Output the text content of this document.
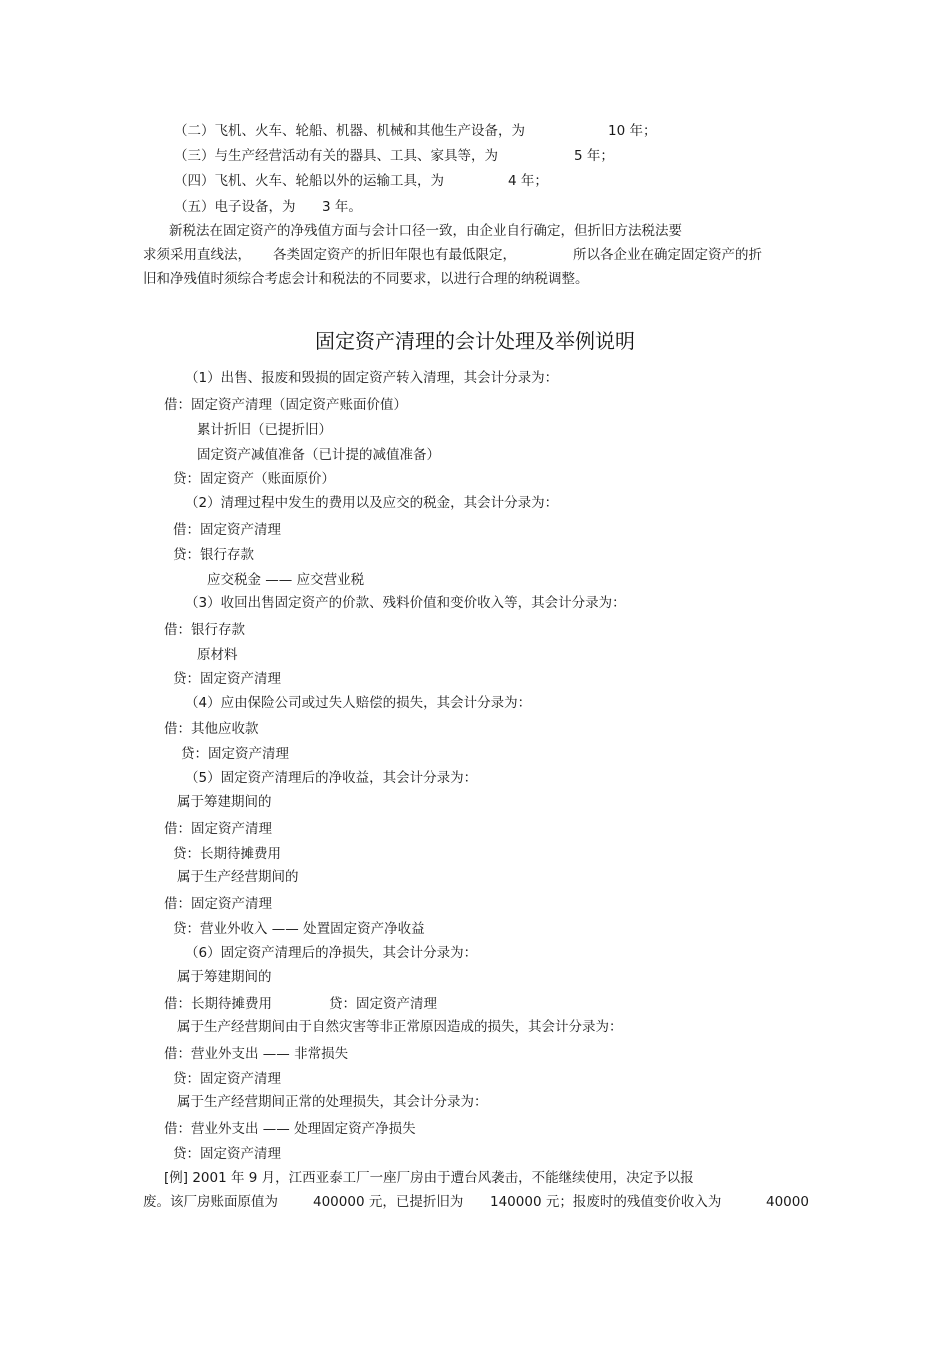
（二）飞机、火车、轮船、机器、机械和其他生产设备，为	10 年；
（三）与生产经营活动有关的器具、工具、家具等，为	5 年；
（四）飞机、火车、轮船以外的运输工具，为	4 年；
（五）电子设备，为 3 年。
新税法在固定资产的净残值方面与会计口径一致，由企业自行确定，但折旧方法税法要
求须采用直线法， 各类固定资产的折旧年限也有最低限定，	所以各企业在确定固定资产的折
旧和净残值时须综合考虑会计和税法的不同要求，以进行合理的纳税调整。
固定资产清理的会计处理及举例说明
（1）出售、报废和毁损的固定资产转入清理，其会计分录为：
借：固定资产清理（固定资产账面价值）
累计折旧（已提折旧）
固定资产减值准备（已计提的减值准备）
贷：固定资产（账面原价）
（2）清理过程中发生的费用以及应交的税金，其会计分录为：
借：固定资产清理
贷：银行存款
应交税金 —— 应交营业税
（3）收回出售固定资产的价款、残料价值和变价收入等，其会计分录为：
借：银行存款
原材料
贷：固定资产清理
（4）应由保险公司或过失人赔偿的损失，其会计分录为：
借：其他应收款
贷：固定资产清理
（5）固定资产清理后的净收益，其会计分录为：
属于筹建期间的
借：固定资产清理
贷：长期待摊费用
属于生产经营期间的
借：固定资产清理
贷：营业外收入 —— 处置固定资产净收益
（6）固定资产清理后的净损失，其会计分录为：
属于筹建期间的
借：长期待摊费用	贷：固定资产清理
属于生产经营期间由于自然灾害等非正常原因造成的损失，其会计分录为：
借：营业外支出 —— 非常损失
贷：固定资产清理
属于生产经营期间正常的处理损失，其会计分录为：
借：营业外支出 —— 处理固定资产净损失
贷：固定资产清理
[例] 2001 年 9 月，江西亚泰工厂一座厂房由于遭台风袭击，不能继续使用，决定予以报
废。该厂房账面原值为	400000 元，已提折旧为 140000 元；报废时的残值变价收入为	40000
